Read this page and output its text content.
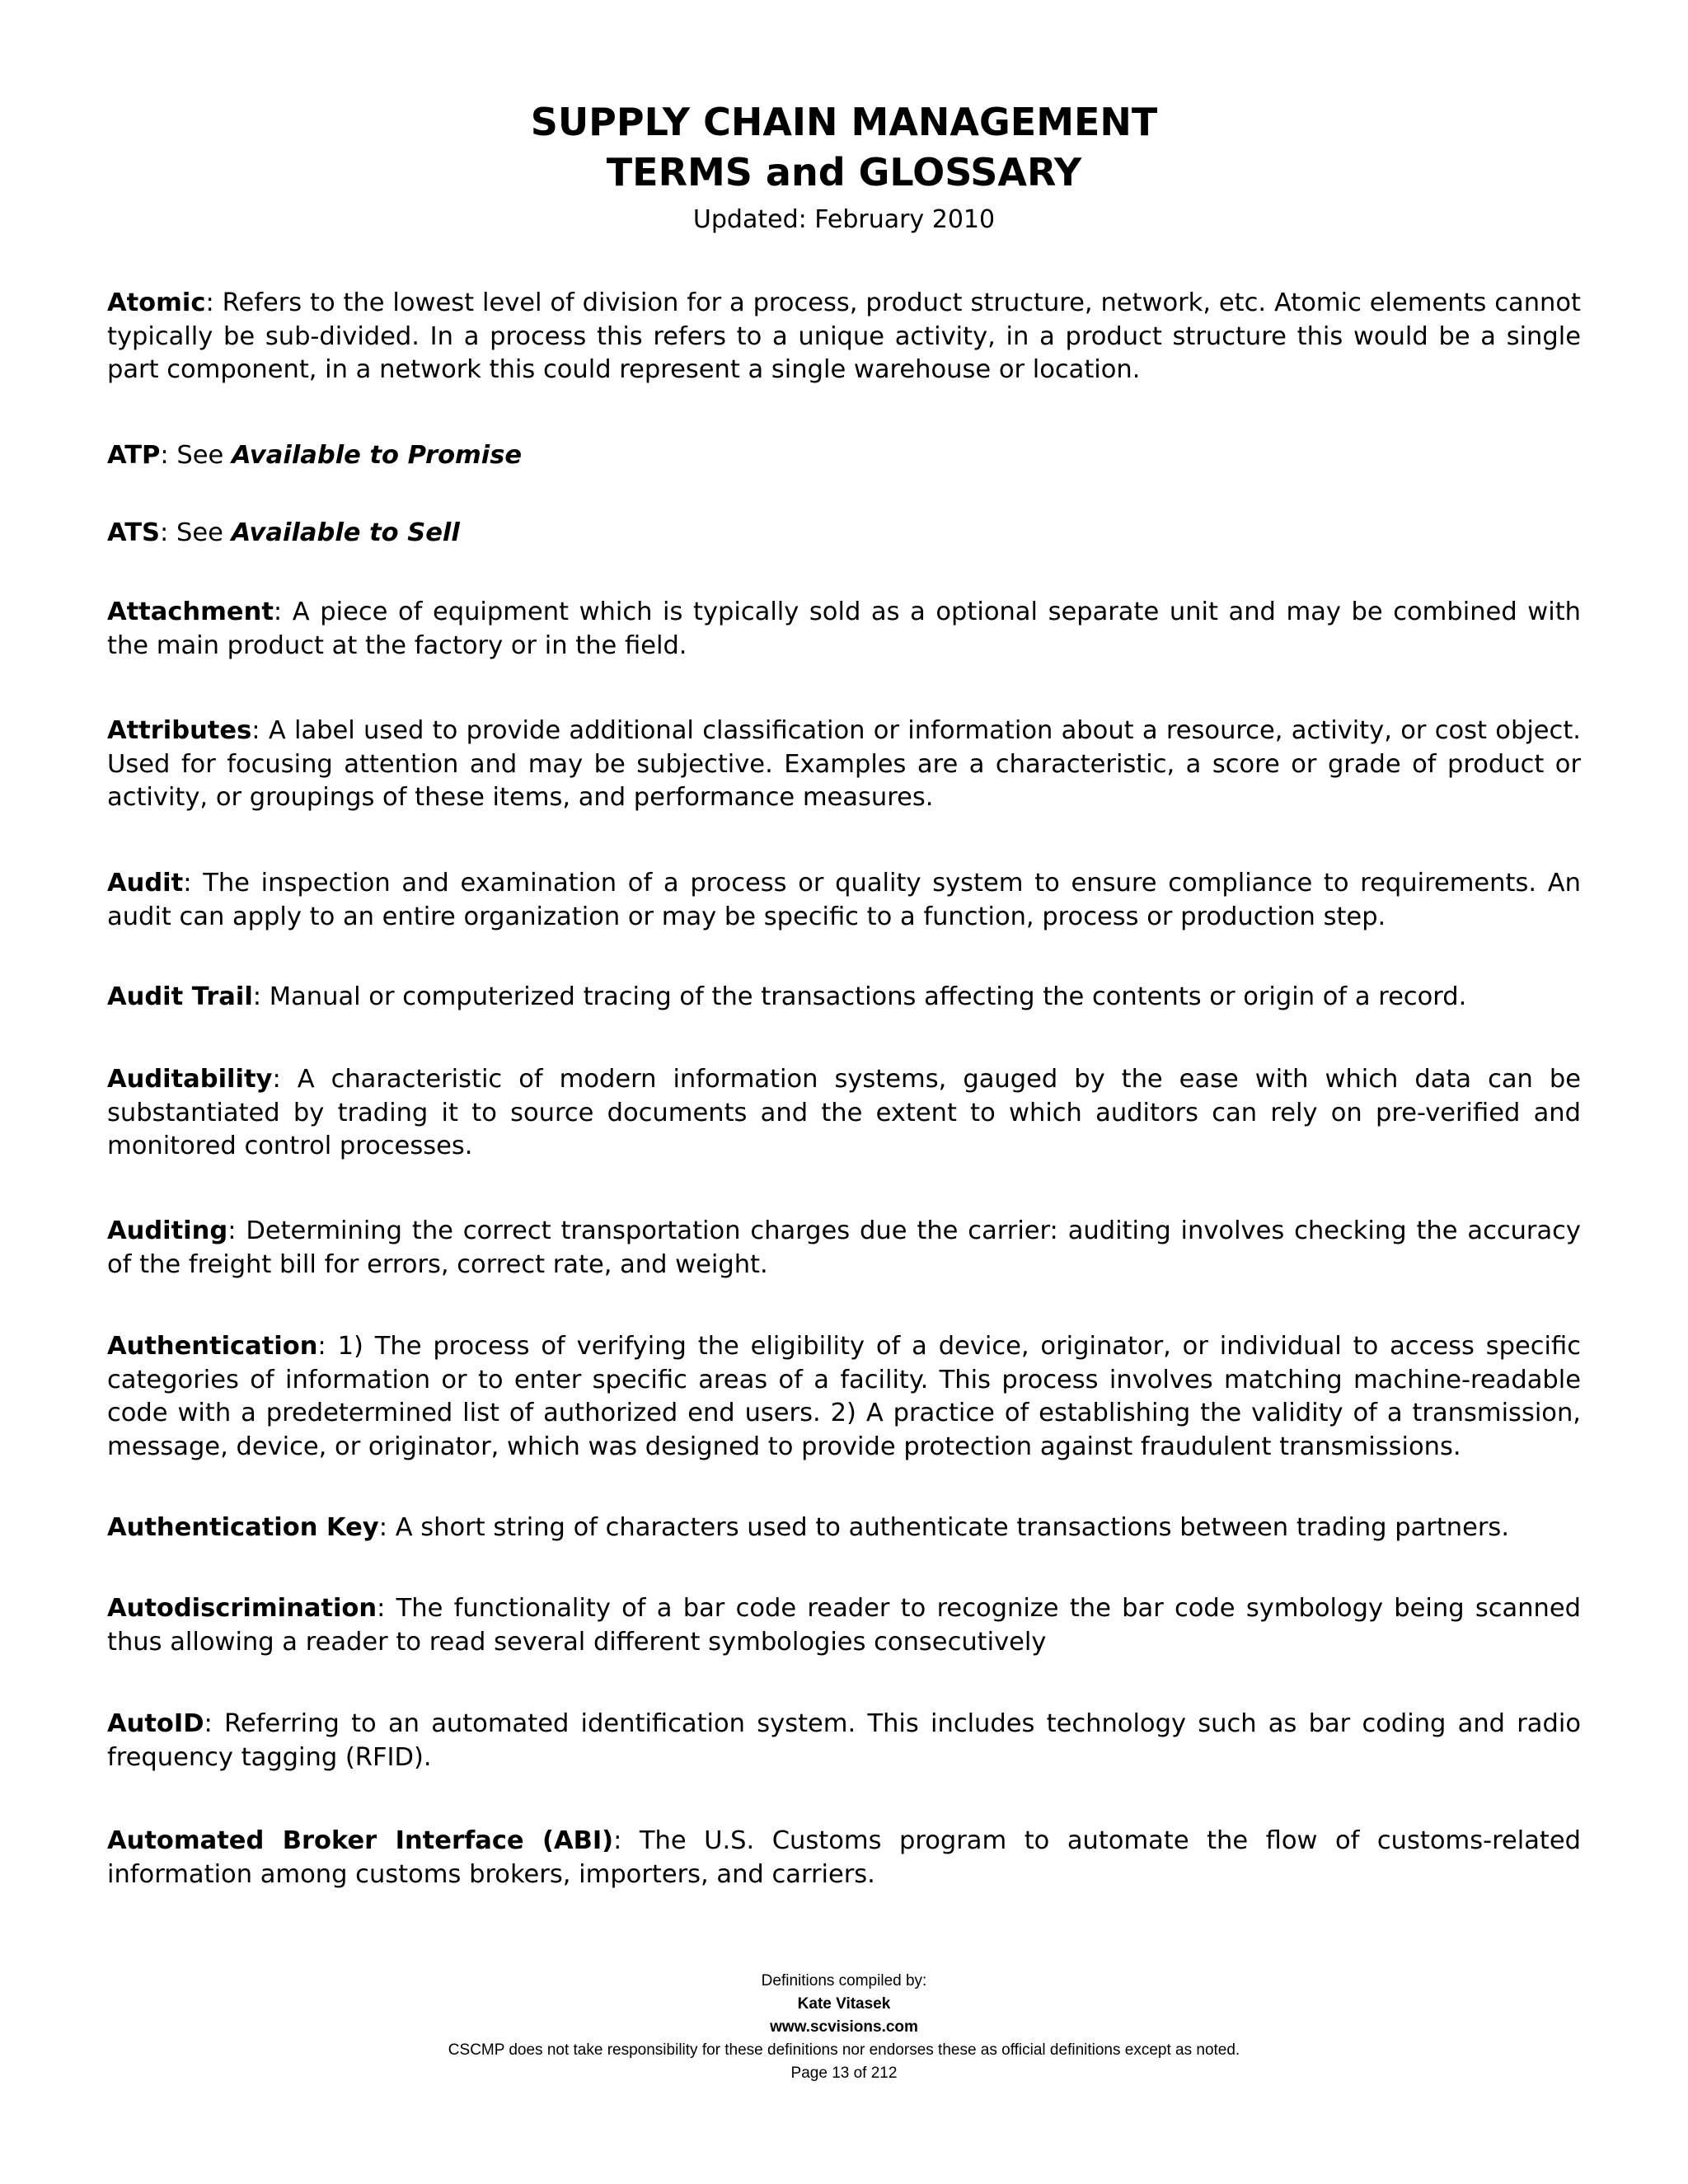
SUPPLY CHAIN MANAGEMENT
TERMS and GLOSSARY
Updated: February 2010
Atomic: Refers to the lowest level of division for a process, product structure, network, etc. Atomic elements cannot typically be sub-divided. In a process this refers to a unique activity, in a product structure this would be a single part component, in a network this could represent a single warehouse or location.
ATP: See Available to Promise
ATS: See Available to Sell
Attachment: A piece of equipment which is typically sold as a optional separate unit and may be combined with the main product at the factory or in the field.
Attributes: A label used to provide additional classification or information about a resource, activity, or cost object. Used for focusing attention and may be subjective. Examples are a characteristic, a score or grade of product or activity, or groupings of these items, and performance measures.
Audit: The inspection and examination of a process or quality system to ensure compliance to requirements. An audit can apply to an entire organization or may be specific to a function, process or production step.
Audit Trail: Manual or computerized tracing of the transactions affecting the contents or origin of a record.
Auditability: A characteristic of modern information systems, gauged by the ease with which data can be substantiated by trading it to source documents and the extent to which auditors can rely on pre-verified and monitored control processes.
Auditing: Determining the correct transportation charges due the carrier: auditing involves checking the accuracy of the freight bill for errors, correct rate, and weight.
Authentication: 1) The process of verifying the eligibility of a device, originator, or individual to access specific categories of information or to enter specific areas of a facility. This process involves matching machine-readable code with a predetermined list of authorized end users. 2) A practice of establishing the validity of a transmission, message, device, or originator, which was designed to provide protection against fraudulent transmissions.
Authentication Key: A short string of characters used to authenticate transactions between trading partners.
Autodiscrimination: The functionality of a bar code reader to recognize the bar code symbology being scanned thus allowing a reader to read several different symbologies consecutively
AutoID: Referring to an automated identification system. This includes technology such as bar coding and radio frequency tagging (RFID).
Automated Broker Interface (ABI): The U.S. Customs program to automate the flow of customs-related information among customs brokers, importers, and carriers.
Definitions compiled by:
Kate Vitasek
www.scvisions.com
CSCMP does not take responsibility for these definitions nor endorses these as official definitions except as noted.
Page 13 of 212
